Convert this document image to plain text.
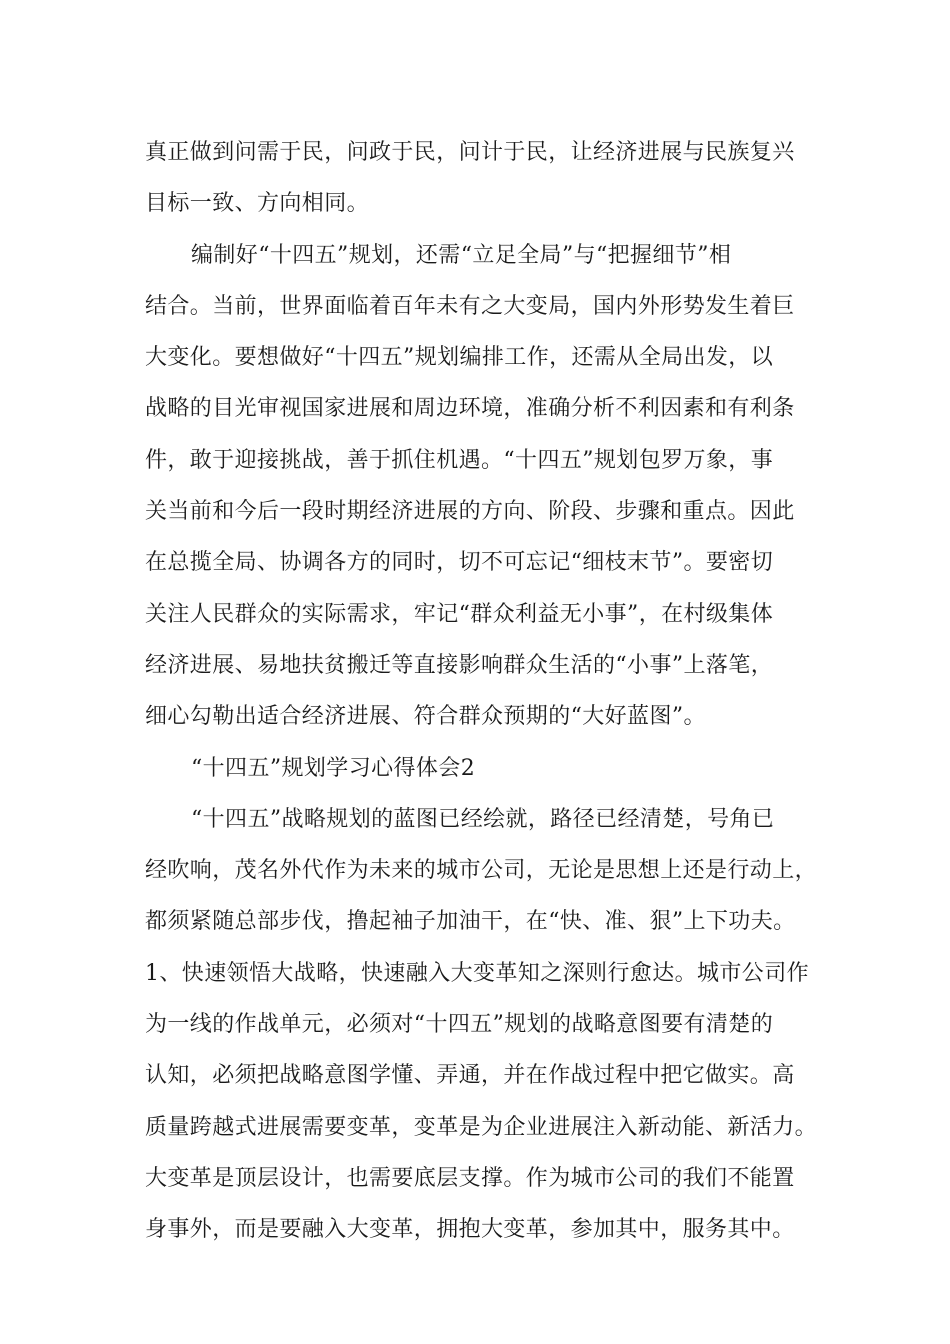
真正做到问需于民，问政于民，问计于民，让经济进展与民族复兴
目标一致、方向相同。
编制好“十四五”规划，还需“立足全局”与“把握细节”相
结合。当前，世界面临着百年未有之大变局，国内外形势发生着巨
大变化。要想做好“十四五”规划编排工作，还需从全局出发，以
战略的目光审视国家进展和周边环境，准确分析不利因素和有利条
件，敢于迎接挑战，善于抓住机遇。“十四五”规划包罗万象，事
关当前和今后一段时期经济进展的方向、阶段、步骤和重点。因此
在总揽全局、协调各方的同时，切不可忘记“细枝末节”。要密切
关注人民群众的实际需求，牢记“群众利益无小事”，在村级集体
经济进展、易地扶贫搬迁等直接影响群众生活的“小事”上落笔，
细心勾勒出适合经济进展、符合群众预期的“大好蓝图”。
“十四五”规划学习心得体会2
“十四五”战略规划的蓝图已经绘就，路径已经清楚，号角已
经吹响，茂名外代作为未来的城市公司，无论是思想上还是行动上，
都须紧随总部步伐，撸起袖子加油干，在“快、准、狠”上下功夫。
1、快速领悟大战略，快速融入大变革知之深则行愈达。城市公司作
为一线的作战单元，必须对“十四五”规划的战略意图要有清楚的
认知，必须把战略意图学懂、弄通，并在作战过程中把它做实。高
质量跨越式进展需要变革，变革是为企业进展注入新动能、新活力。
大变革是顶层设计，也需要底层支撑。作为城市公司的我们不能置
身事外，而是要融入大变革，拥抱大变革，参加其中，服务其中。
